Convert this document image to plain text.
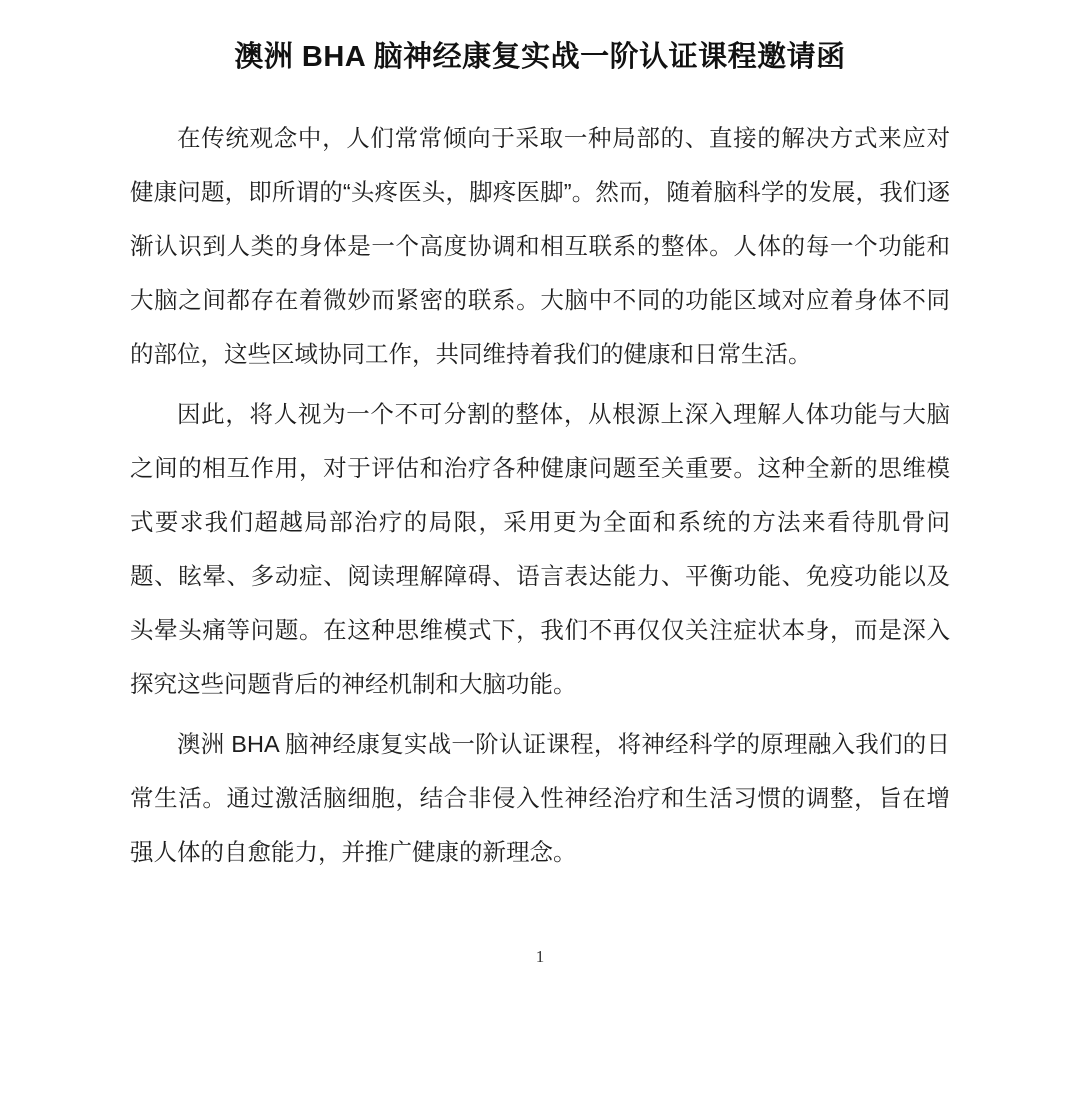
澳洲 BHA 脑神经康复实战一阶认证课程邀请函

在传统观念中，人们常常倾向于采取一种局部的、直接的解决方式来应对健康问题，即所谓的“头疼医头，脚疼医脚”。然而，随着脑科学的发展，我们逐渐认识到人类的身体是一个高度协调和相互联系的整体。人体的每一个功能和大脑之间都存在着微妙而紧密的联系。大脑中不同的功能区域对应着身体不同的部位，这些区域协同工作，共同维持着我们的健康和日常生活。

因此，将人视为一个不可分割的整体，从根源上深入理解人体功能与大脑之间的相互作用，对于评估和治疗各种健康问题至关重要。这种全新的思维模式要求我们超越局部治疗的局限，采用更为全面和系统的方法来看待肌骨问题、眩晕、多动症、阅读理解障碍、语言表达能力、平衡功能、免疫功能以及头晕头痛等问题。在这种思维模式下，我们不再仅仅关注症状本身，而是深入探究这些问题背后的神经机制和大脑功能。

澳洲 BHA 脑神经康复实战一阶认证课程，将神经科学的原理融入我们的日常生活。通过激活脑细胞，结合非侵入性神经治疗和生活习惯的调整，旨在增强人体的自愈能力，并推广健康的新理念。

1
